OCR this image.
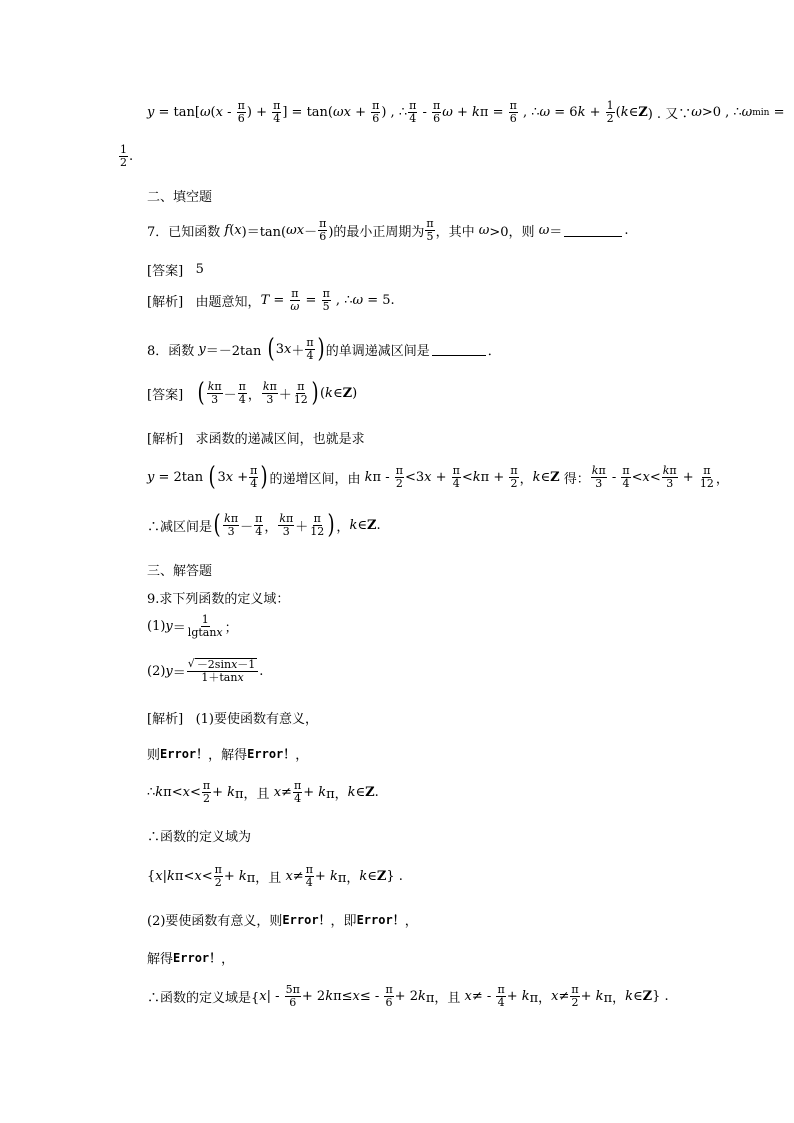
y = tan[ ω ( x - π
6 ) + π
4 ] = tan( ωx + π
6 ) , ∴ π
4 - π
6 ω + k π = π
6 , ∴ ω = 6 k + 1
2 ( k ∈ Z ) . 又∵ ω >0 , ∴ ω min =
1
2 .
二、填空题
7．已知函数 f ( x )＝tan( ωx －
π
6 )的最小正周期为
π
5 ，其中 ω >0，则 ω ＝	.
[答案]
5
[解析] 由题意知， T = π
ω = π
5 , ∴ ω = 5.
8．函数 y ＝－2tan ( 3 x ＋
π
4 ) 的单调递减区间是	．
[答案]
( kπ
3 －
π
4 ，
kπ
3 ＋
π
12 ) ( k ∈ Z )
[解析]
求函数的递减区间，也就是求
y = 2tan ( 3 x + π
4 ) 的递增区间，由 k π - π
2 <3 x + π
4 < k π + π
2 ， k ∈ Z 得：
kπ
3 - π
4 < x < kπ
3 + π
12 ，
∴减区间是 ( kπ
3 －
π
4 ，
kπ
3 ＋
π
12 ) ， k ∈ Z .
三、解答题
9.求下列函数的定义域：
(1) y ＝
1
lgtanx ；
(2) y ＝
√ －2sinx－1
1＋tanx .
[解析]
(1)要使函数有意义，
则 Error！ ，解得 Error！ ，
∴ k π< x < π
2 + k π，且 x ≠ π
4 + k π， k ∈ Z .
∴函数的定义域为
{ x | k π< x < π
2 + k π，且 x ≠ π
4 + k π， k ∈ Z } .
(2)要使函数有意义，则 Error！ ，即 Error！ ，
解得 Error！ ，
∴函数的定义域是{ x | - 5π
6 + 2 k π≤ x ≤ - π
6 + 2 k π，且 x ≠ - π
4 + k π， x ≠ π
2 + k π， k ∈ Z } .
